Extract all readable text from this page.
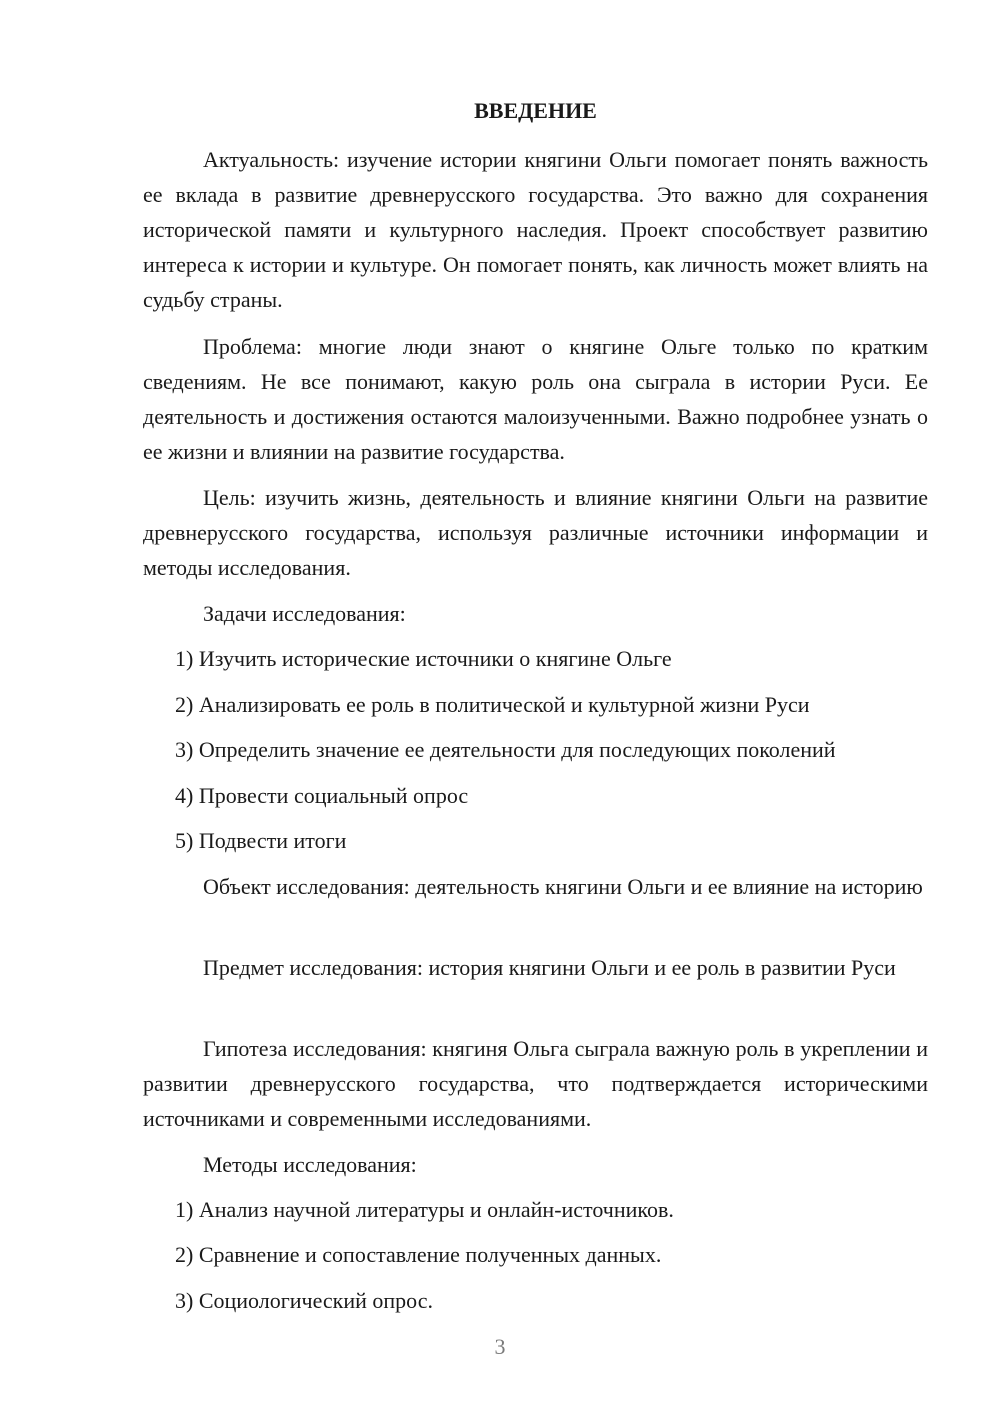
ВВЕДЕНИЕ

Актуальность: изучение истории княгини Ольги помогает понять важность ее вклада в развитие древнерусского государства. Это важно для сохранения исторической памяти и культурного наследия. Проект способствует развитию интереса к истории и культуре. Он помогает понять, как личность может влиять на судьбу страны.

Проблема: многие люди знают о княгине Ольге только по кратким сведениям. Не все понимают, какую роль она сыграла в истории Руси. Ее деятельность и достижения остаются малоизученными. Важно подробнее узнать о ее жизни и влиянии на развитие государства.

Цель: изучить жизнь, деятельность и влияние княгини Ольги на развитие древнерусского государства, используя различные источники информации и методы исследования.

Задачи исследования:

1) Изучить исторические источники о княгине Ольге

2) Анализировать ее роль в политической и культурной жизни Руси

3) Определить значение ее деятельности для последующих поколений

4) Провести социальный опрос

5) Подвести итоги

Объект исследования: деятельность княгини Ольги и ее влияние на историю

Предмет исследования: история княгини Ольги и ее роль в развитии Руси

Гипотеза исследования: княгиня Ольга сыграла важную роль в укреплении и развитии древнерусского государства, что подтверждается историческими источниками и современными исследованиями.

Методы исследования:

1) Анализ научной литературы и онлайн-источников.

2) Сравнение и сопоставление полученных данных.

3) Социологический опрос.

3
